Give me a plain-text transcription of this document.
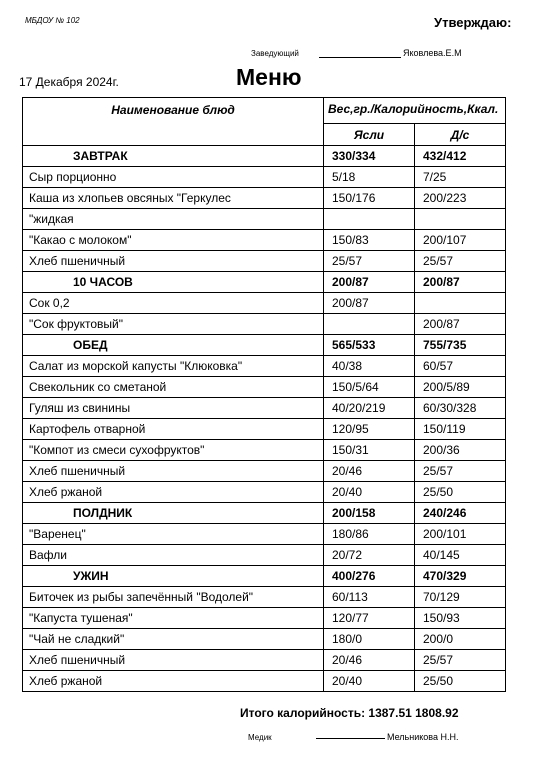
МБДОУ № 102	Утверждаю:
Заведующий	Яковлева.Е.М
17 Декабря 2024г.	Меню
Наименование блюд	Вес,гр./Калорийность,Ккал.	
	Ясли	Д/с
ЗАВТРАК	330/334	432/412
Сыр порционно	5/18	7/25
Каша из хлопьев овсяных "Геркулес	150/176	200/223
"жидкая		
"Какао с молоком"	150/83	200/107
Хлеб пшеничный	25/57	25/57
10 ЧАСОВ	200/87	200/87
Сок 0,2	200/87	
"Сок фруктовый"		200/87
ОБЕД	565/533	755/735
Салат из морской капусты "Клюковка"	40/38	60/57
Свекольник со сметаной	150/5/64	200/5/89
Гуляш из свинины	40/20/219	60/30/328
Картофель отварной	120/95	150/119
"Компот из смеси сухофруктов"	150/31	200/36
Хлеб пшеничный	20/46	25/57
Хлеб ржаной	20/40	25/50
ПОЛДНИК	200/158	240/246
"Варенец"	180/86	200/101
Вафли	20/72	40/145
УЖИН	400/276	470/329
Биточек из рыбы запечённый "Водолей"	60/113	70/129
"Капуста тушеная"	120/77	150/93
"Чай не сладкий"	180/0	200/0
Хлеб пшеничный	20/46	25/57
Хлеб ржаной	20/40	25/50
Итого калорийность: 1387.51 1808.92
Медик	Мельникова Н.Н.
